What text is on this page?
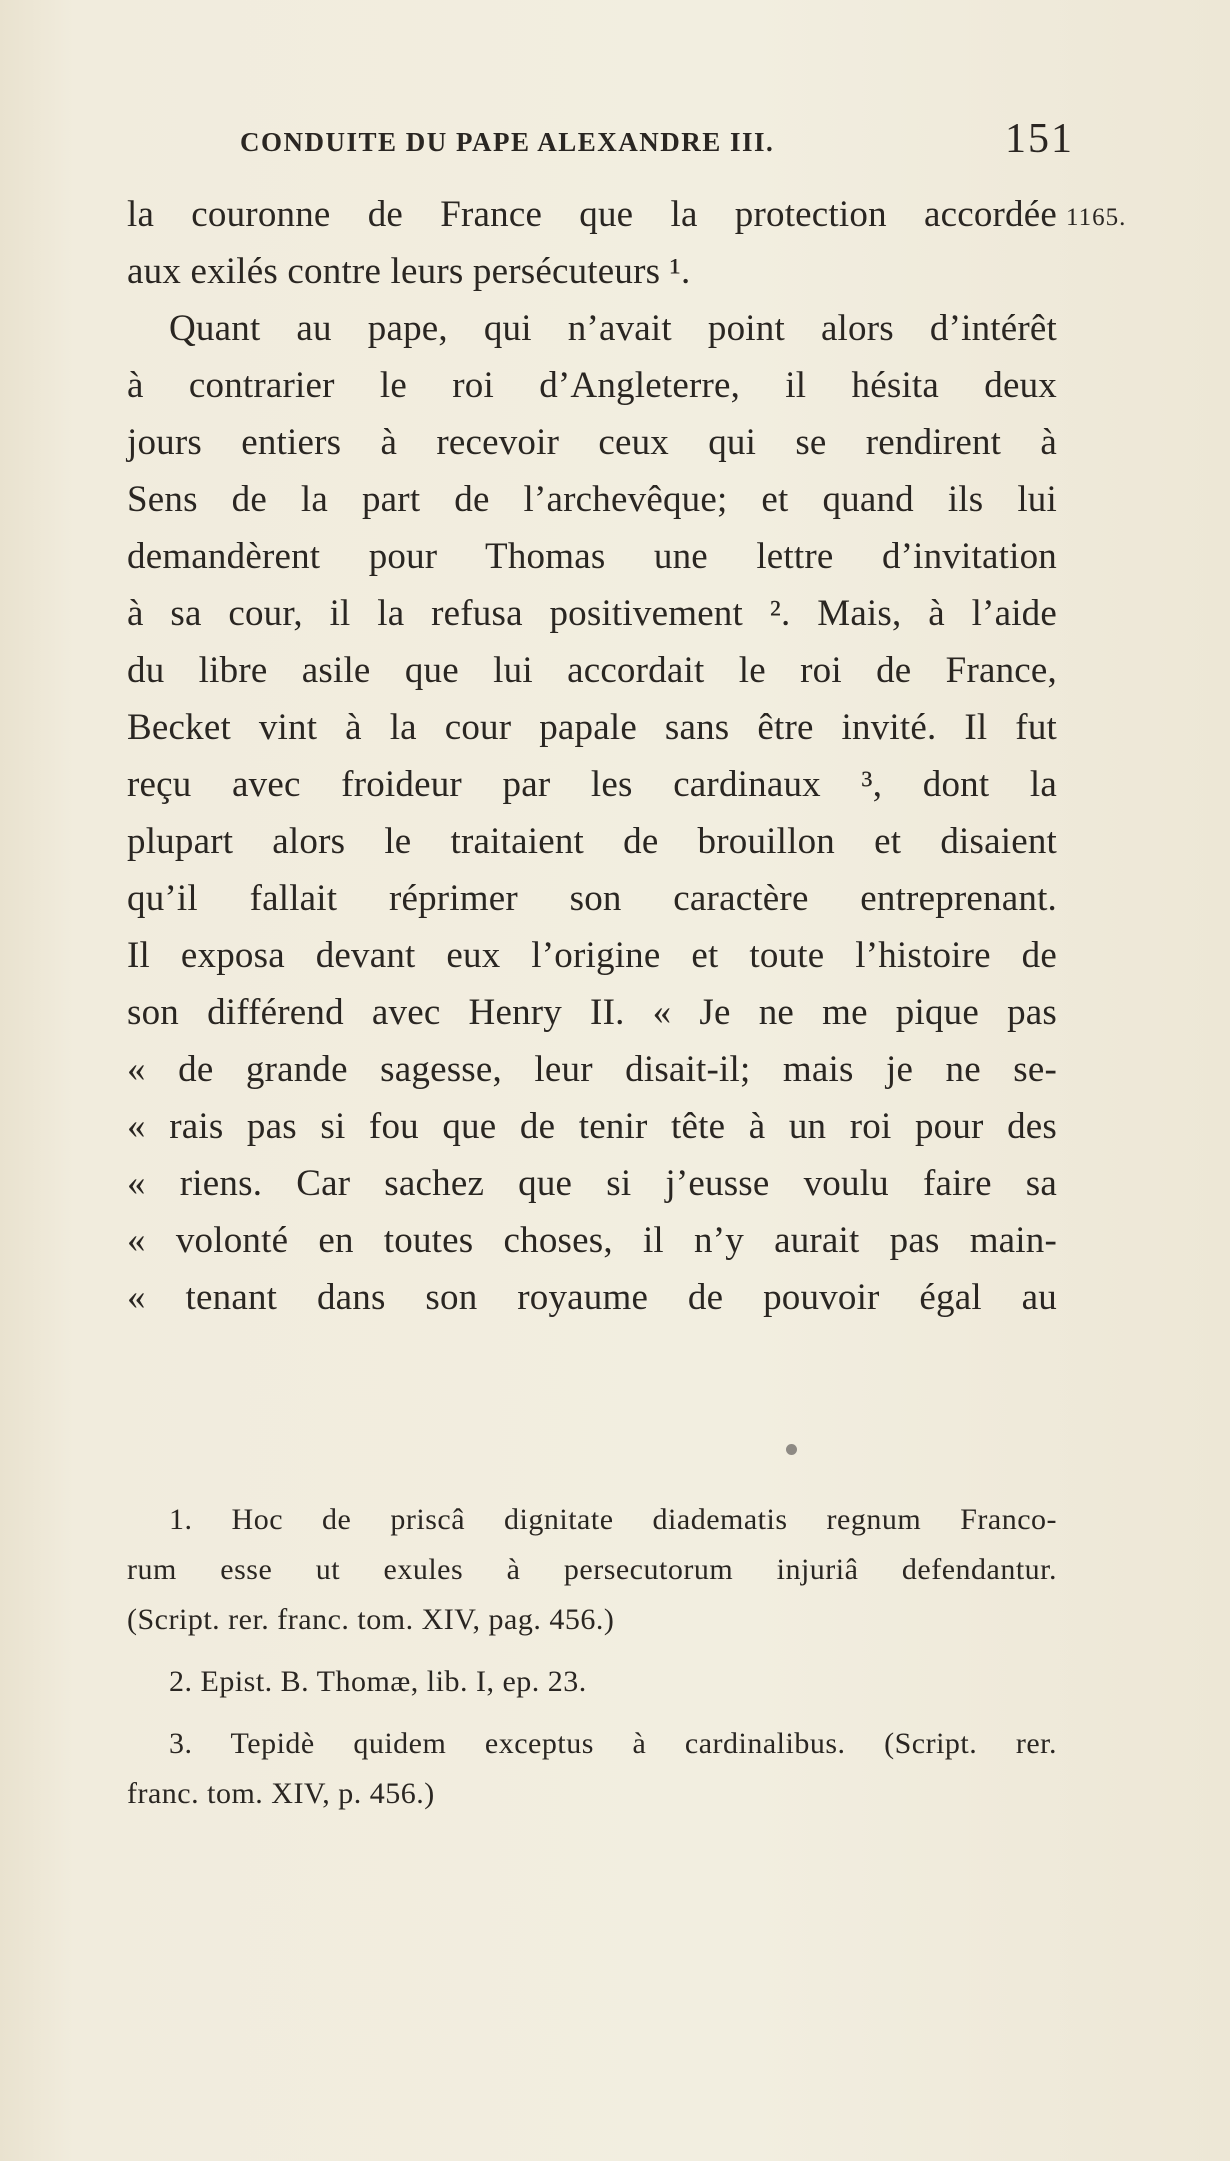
CONDUITE DU PAPE ALEXANDRE III.	151
1165.
la couronne de France que la protection accordée
aux exilés contre leurs persécuteurs ¹.
Quant au pape, qui n’avait point alors d’intérêt
à contrarier le roi d’Angleterre, il hésita deux
jours entiers à recevoir ceux qui se rendirent à
Sens de la part de l’archevêque; et quand ils lui
demandèrent pour Thomas une lettre d’invitation
à sa cour, il la refusa positivement ². Mais, à l’aide
du libre asile que lui accordait le roi de France,
Becket vint à la cour papale sans être invité. Il fut
reçu avec froideur par les cardinaux ³, dont la
plupart alors le traitaient de brouillon et disaient
qu’il fallait réprimer son caractère entreprenant.
Il exposa devant eux l’origine et toute l’histoire de
son différend avec Henry II. « Je ne me pique pas
« de grande sagesse, leur disait-il; mais je ne se-
« rais pas si fou que de tenir tête à un roi pour des
« riens. Car sachez que si j’eusse voulu faire sa
« volonté en toutes choses, il n’y aurait pas main-
« tenant dans son royaume de pouvoir égal au
1. Hoc de priscâ dignitate diadematis regnum Franco-
rum esse ut exules à persecutorum injuriâ defendantur.
(Script. rer. franc. tom. XIV, pag. 456.)
2. Epist. B. Thomæ, lib. I, ep. 23.
3. Tepidè quidem exceptus à cardinalibus. (Script. rer.
franc. tom. XIV, p. 456.)
